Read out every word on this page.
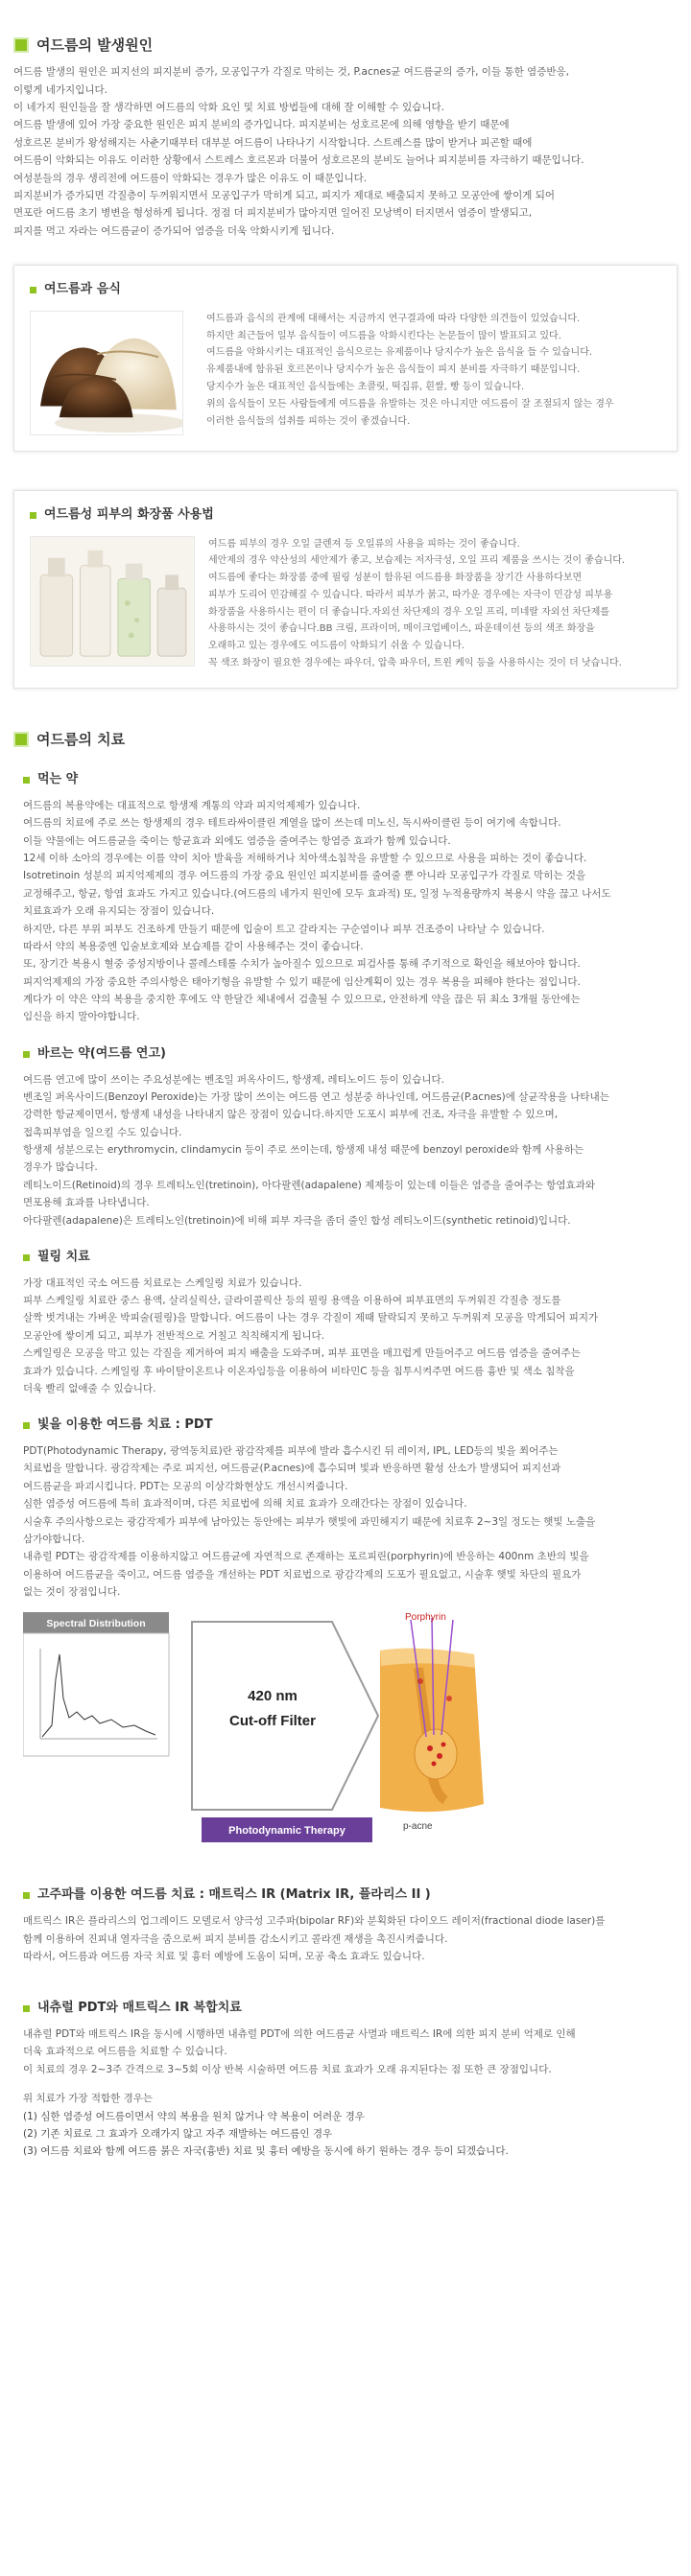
여드름의 발생원인

여드름 발생의 원인은 피지선의 피지분비 증가, 모공입구가 각질로 막히는 것, P.acnes균 여드름균의 증가, 이들 통한 염증반응,

이렇게 네가지입니다.

이 네가지 원인들을 잘 생각하면 여드름의 악화 요인 및 치료 방법들에 대해 잘 이해할 수 있습니다.

여드름 발생에 있어 가장 중요한 원인은 피지 분비의 증가입니다. 피지분비는 성호르몬에 의해 영향을 받기 때문에

성호르몬 분비가 왕성해지는 사춘기때부터 대부분 여드름이 나타나기 시작합니다. 스트레스를 많이 받거나 피곤할 때에

여드름이 악화되는 이유도 이러한 상황에서 스트레스 호르몬과 더불어 성호르몬의 분비도 늘어나 피지분비를 자극하기 때문입니다.

여성분들의 경우 생리전에 여드름이 악화되는 경우가 많은 이유도 이 때문입니다.

피지분비가 증가되면 각질층이 두꺼워지면서 모공입구가 막히게 되고, 피지가 제대로 배출되지 못하고 모공안에 쌓이게 되어

면포란 여드름 초기 병변을 형성하게 됩니다. 정점 더 피지분비가 많아지면 일어진 모낭벽이 터지면서 염증이 발생되고,

피지를 먹고 자라는 여드름균이 증가되어 염증을 더욱 악화시키게 됩니다.

여드름과 음식

여드름과 음식의 관계에 대해서는 지금까지 연구결과에 따라 다양한 의견들이 있었습니다.

하지만 최근들어 일부 음식들이 여드름을 악화시킨다는 논문들이 많이 발표되고 있다.

여드름을 악화시키는 대표적인 음식으로는 유제품이나 당지수가 높은 음식을 들 수 있습니다.

유제품내에 함유된 호르몬이나 당지수가 높은 음식들이 피지 분비를 자극하기 때문입니다.

당지수가 높은 대표적인 음식들에는 초콜릿, 떡집류, 흰쌀, 빵 등이 있습니다.

위의 음식들이 모든 사람들에게 여드름을 유발하는 것은 아니지만 여드름이 잘 조절되지 않는 경우

이러한 음식들의 섭취를 피하는 것이 좋겠습니다.

여드름성 피부의 화장품 사용법

여드름 피부의 경우 오일 클렌져 등 오일류의 사용을 피하는 것이 좋습니다.

세안제의 경우 약산성의 세안제가 좋고, 보습제는 저자극성, 오일 프리 제품을 쓰시는 것이 좋습니다.

여드름에 좋다는 화장품 중에 필링 성분이 함유된 여드름용 화장품을 장기간 사용하다보면

피부가 도리어 민감해질 수 있습니다. 따라서 피부가 붉고, 따가운 경우에는 자극이 민감성 피부용

화장품을 사용하시는 편이 더 좋습니다.자외선 차단제의 경우 오일 프리, 미네랄 자외선 차단제를

사용하시는 것이 좋습니다.BB 크림, 프라이머, 메이크업베이스, 파운데이션 등의 색조 화장을

오래하고 있는 경우에도 여드름이 악화되기 쉬울 수 있습니다.

꼭 색조 화장이 필요한 경우에는 파우더, 압축 파우더, 트윈 케익 등을 사용하시는 것이 더 낫습니다.

여드름의 치료
먹는 약

여드름의 복용약에는 대표적으로 항생제 계통의 약과 피지억제제가 있습니다.

여드름의 치료에 주로 쓰는 항생제의 경우 테트라싸이클린 계열을 많이 쓰는데 미노신, 독시싸이클린 등이 여기에 속합니다.

이들 약물에는 여드름균을 죽이는 항균효과 외에도 염증을 줄여주는 항염증 효과가 함께 있습니다.

12세 이하 소아의 경우에는 이를 약이 치아 발육을 저해하거나 치아색소침착을 유발할 수 있으므로 사용을 피하는 것이 좋습니다.

Isotretinoin 성분의 피지억제제의 경우 여드름의 가장 중요 원인인 피지분비를 줄여줄 뿐 아니라 모공입구가 각질로 막히는 것을

교정해주고, 항균, 항염 효과도 가지고 있습니다.(여드름의 네가지 원인에 모두 효과적) 또, 일정 누적용량까지 복용시 약을 끊고 나서도

치료효과가 오래 유지되는 장점이 있습니다.

하지만, 다른 부위 피부도 건조하게 만들기 때문에 입술이 트고 갈라지는 구순염이나 피부 건조증이 나타날 수 있습니다.

따라서 약의 복용중엔 입술보호제와 보습제를 같이 사용해주는 것이 좋습니다.

또, 장기간 복용시 혈중 중성지방이나 콜레스테롤 수치가 높아질수 있으므로 피검사를 통해 주기적으로 확인을 해보아야 합니다.

피지억제제의 가장 중요한 주의사항은 태아기형을 유발할 수 있기 때문에 임산계획이 있는 경우 복용을 피해야 한다는 점입니다.

계다가 이 약은 약의 복용을 중지한 후에도 약 한달간 체내에서 검출될 수 있으므로, 안전하게 약을 끊은 뒤 최소 3개월 동안에는

임신을 하지 말아야합니다.

바르는 약(여드름 연고)

여드름 연고에 많이 쓰이는 주요성분에는 벤조일 퍼옥사이드, 항생제, 레티노이드 등이 있습니다.

벤조일 퍼옥사이드(Benzoyl Peroxide)는 가장 많이 쓰이는 여드름 연고 성분중 하나인데, 여드름균(P.acnes)에 살균작용을 나타내는

강력한 항균제이면서, 항생제 내성을 나타내지 않은 장점이 있습니다.하지만 도포시 피부에 건조, 자극을 유발할 수 있으며,

접촉피부염을 일으킬 수도 있습니다.

항생제 성분으로는 erythromycin, clindamycin 등이 주로 쓰이는데, 항생제 내성 때문에 benzoyl peroxide와 함께 사용하는

경우가 많습니다.

레티노이드(Retinoid)의 경우 트레티노인(tretinoin), 아다팔렌(adapalene) 제제등이 있는데 이들은 염증을 줄여주는 항염효과와

면포용해 효과를 나타냅니다.

아다팔렌(adapalene)은 트레티노인(tretinoin)에 비해 피부 자극을 좀더 줄인 합성 레티노이드(synthetic retinoid)입니다.

필링 치료

가장 대표적인 국소 여드름 치료로는 스케일링 치료가 있습니다.

피부 스케일링 치료란 중스 용액, 살리실릭산, 글라이콜릭산 등의 필링 용액을 이용하여 피부표면의 두꺼워진 각질층 정도를

살짝 벗겨내는 가벼운 박피술(필링)을 말합니다. 여드름이 나는 경우 각질이 제때 탈락되지 못하고 두꺼워져 모공을 막게되어 피지가

모공안에 쌓이게 되고, 피부가 전반적으로 거칠고 칙칙해지게 됩니다.

스케일링은 모공을 막고 있는 각질을 제거하여 피지 배출을 도와주며, 피부 표면을 매끄럽게 만들어주고 여드름 염증을 줄여주는

효과가 있습니다. 스케일링 후 바이탈이온트나 이온자임등을 이용하여 비타민C 등을 침투시켜주면 여드름 흉반 및 색소 침착을

더욱 빨리 없애줄 수 있습니다.

빛을 이용한 여드름 치료 : PDT

PDT(Photodynamic Therapy, 광역동치료)란 광감작제를 피부에 발라 흡수시킨 뒤 레이저, IPL, LED등의 빛을 쬐어주는

치료법을 말합니다. 광감작제는 주로 피지선, 여드름균(P.acnes)에 흡수되며 빛과 반응하면 활성 산소가 발생되어 피지선과

여드름균을 파괴시킵니다. PDT는 모공의 이상각화현상도 개선시켜줍니다.

심한 염증성 여드름에 특히 효과적이며, 다른 치료법에 의해 치료 효과가 오래간다는 장점이 있습니다.

시술후 주의사항으로는 광감작제가 피부에 남아있는 동안에는 피부가 햇빛에 과민해지기 때문에 치료후 2~3일 정도는 햇빛 노출을

삼가야합니다.

내츄럴 PDT는 광감작제를 이용하지않고 여드름균에 자연적으로 존재하는 포르피린(porphyrin)에 반응하는 400nm 초반의 빛을

이용하여 여드름균을 죽이고, 여드름 염증을 개선하는 PDT 치료법으로 광감각제의 도포가 필요없고, 시술후 햇빛 차단의 필요가

없는 것이 장점입니다.

Spectral Distribution
420 nm
Cut-off Filter
Photodynamic Therapy
Porphyrin
p-acne
고주파를 이용한 여드름 치료 : 매트릭스 IR (Matrix IR, 플라리스 II )

매트릭스 IR은 플라리스의 업그레이드 모델로서 양극성 고주파(bipolar RF)와 분획화된 다이오드 레이저(fractional diode laser)를

함께 이용하여 진피내 열자극을 줌으로써 피지 분비를 감소시키고 콜라겐 재생을 촉진시켜줍니다.

따라서, 여드름과 여드름 자국 치료 및 흉터 예방에 도움이 되며, 모공 축소 효과도 있습니다.

내츄럴 PDT와 매트릭스 IR 복합치료

내츄럴 PDT와 매트릭스 IR을 동시에 시행하면 내츄럴 PDT에 의한 여드름균 사멸과 매트릭스 IR에 의한 피지 분비 억제로 인해

더욱 효과적으로 여드름을 치료할 수 있습니다.

이 치료의 경우 2~3주 간격으로 3~5회 이상 반복 시술하면 여드름 치료 효과가 오래 유지된다는 점 또한 큰 장점입니다.

위 치료가 가장 적합한 경우는

(1) 심한 염증성 여드름이면서 약의 복용을 원치 않거나 약 복용이 어려운 경우

(2) 기존 치료로 그 효과가 오래가지 않고 자주 재발하는 여드름인 경우

(3) 여드름 치료와 함께 여드름 붉은 자국(흉반) 치료 및 흉터 예방을 동시에 하기 원하는 경우 등이 되겠습니다.
